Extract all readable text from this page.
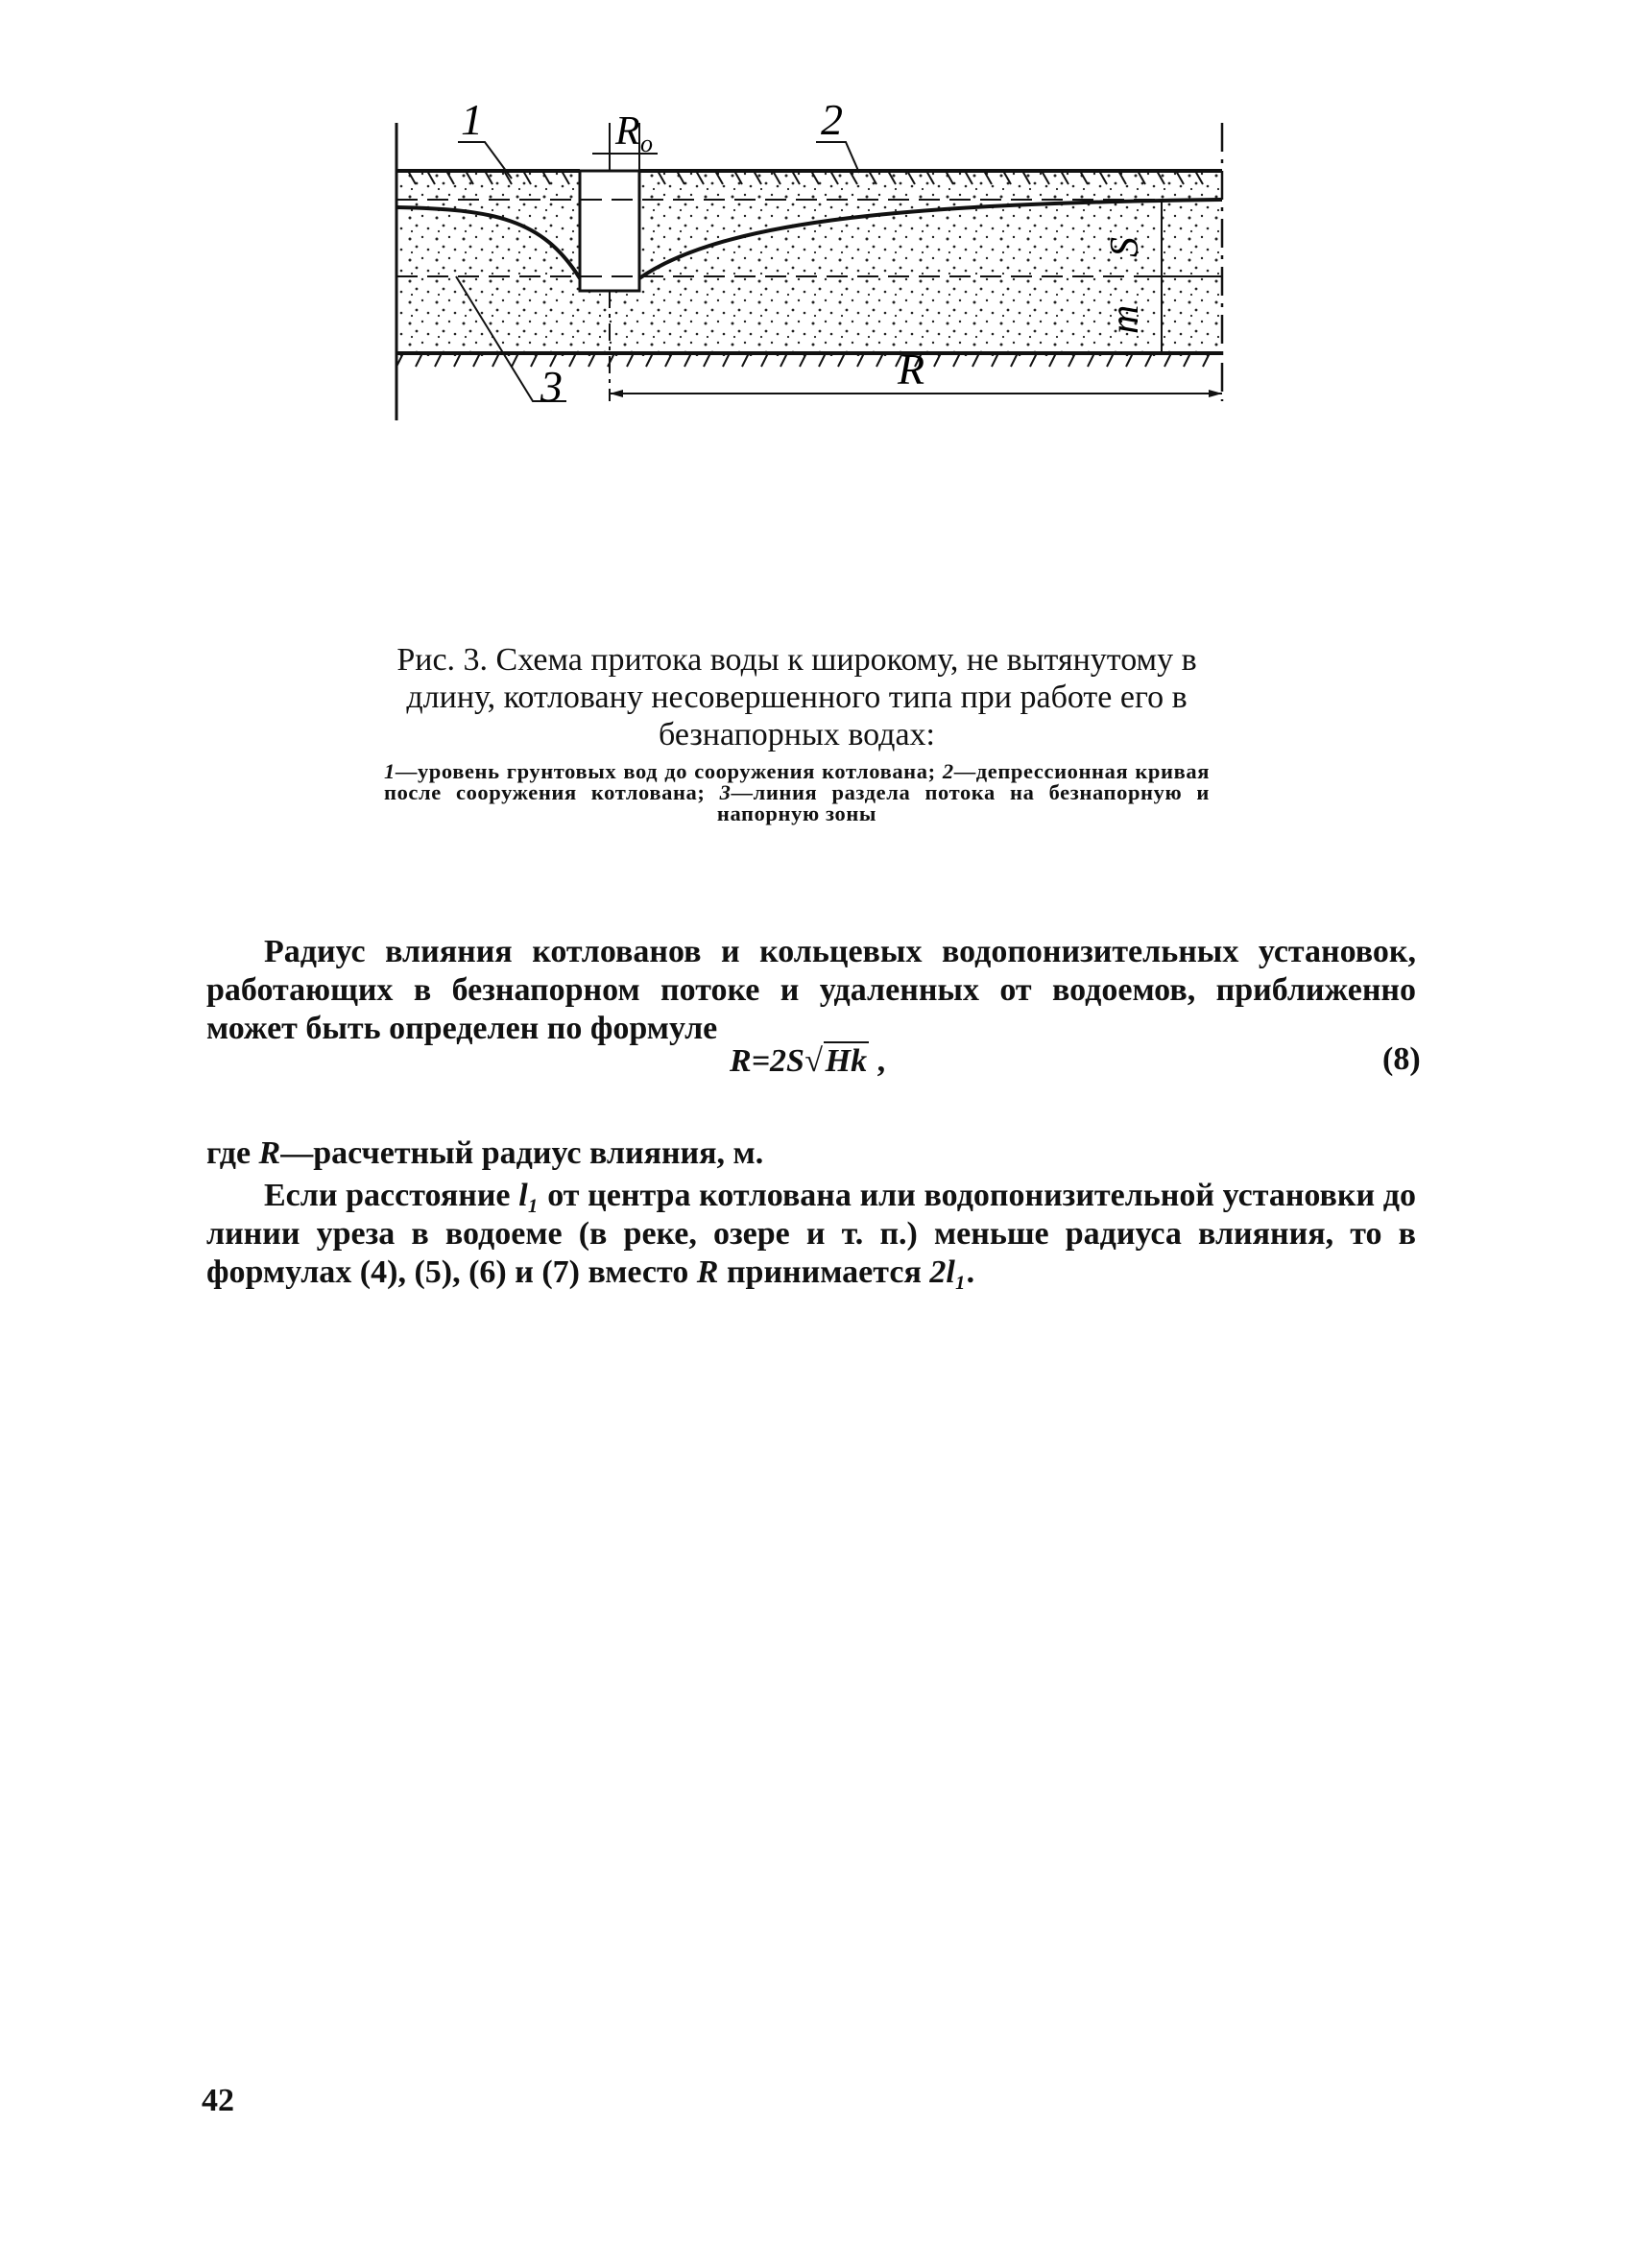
1	2
3
R o
S
m
R
Рис. 3. Схема притока воды к широкому, не вытянутому в длину, котловану несовершенного типа при работе его в безнапорных водах:
1—уровень грунтовых вод до сооружения котлована; 2—депрессионная кривая после сооружения котлована; 3—линия раздела потока на безнапорную и напорную зоны

Радиус влияния котлованов и кольцевых водопонизительных установок, работающих в безнапорном потоке и удаленных от водоемов, приближенно может быть определен по формуле

R=2S√Hk ,	(8)

где R—расчетный радиус влияния, м.

Если расстояние l₁ от центра котлована или водопонизительной установки до линии уреза в водоеме (в реке, озере и т. п.) меньше радиуса влияния, то в формулах (4), (5), (6) и (7) вместо R принимается 2l₁.

42
